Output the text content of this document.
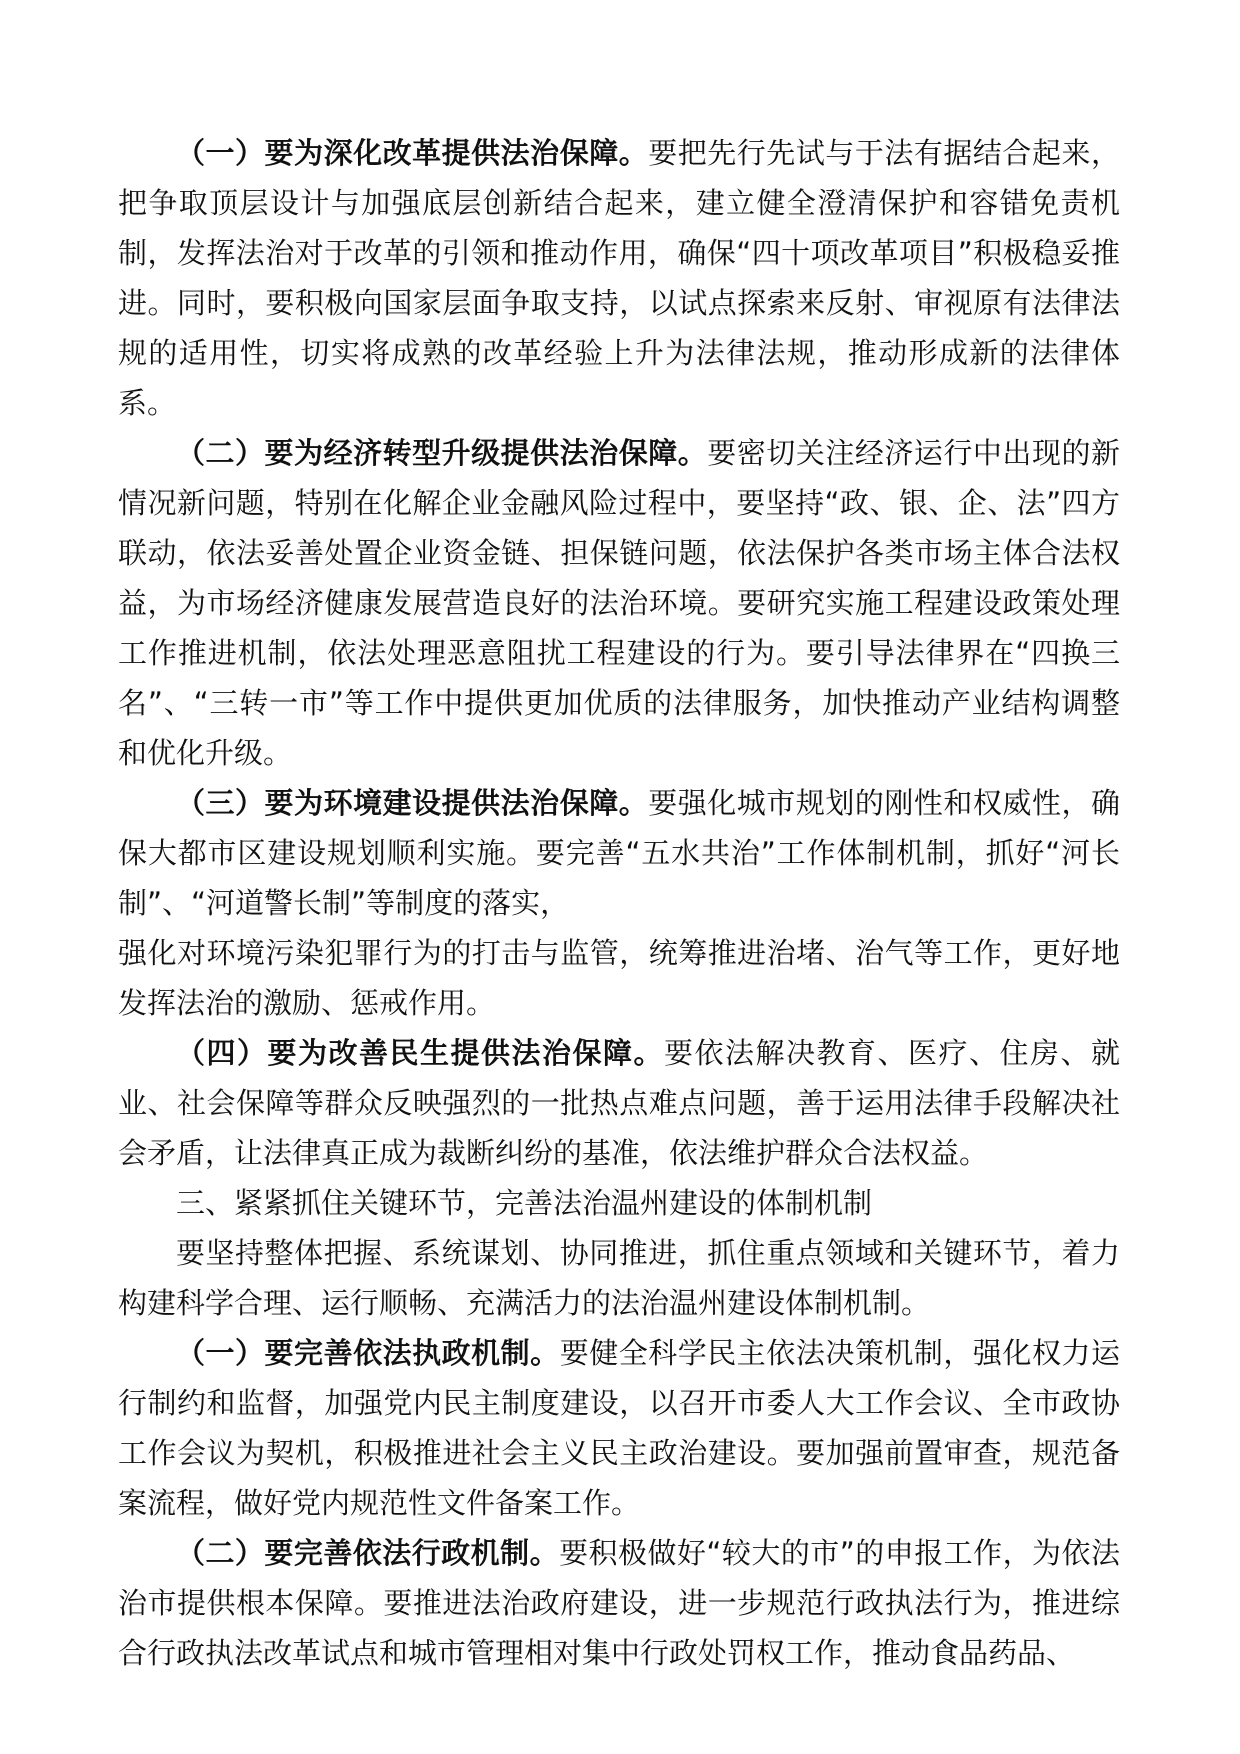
（一）要为深化改革提供法治保障。要把先行先试与于法有据结合起来，把争取顶层设计与加强底层创新结合起来，建立健全澄清保护和容错免责机制，发挥法治对于改革的引领和推动作用，确保“四十项改革项目”积极稳妥推进。同时，要积极向国家层面争取支持，以试点探索来反射、审视原有法律法规的适用性，切实将成熟的改革经验上升为法律法规，推动形成新的法律体系。

（二）要为经济转型升级提供法治保障。要密切关注经济运行中出现的新情况新问题，特别在化解企业金融风险过程中，要坚持“政、银、企、法”四方联动，依法妥善处置企业资金链、担保链问题，依法保护各类市场主体合法权益，为市场经济健康发展营造良好的法治环境。要研究实施工程建设政策处理工作推进机制，依法处理恶意阻扰工程建设的行为。要引导法律界在“四换三名”、“三转一市”等工作中提供更加优质的法律服务，加快推动产业结构调整和优化升级。

（三）要为环境建设提供法治保障。要强化城市规划的刚性和权威性，确保大都市区建设规划顺利实施。要完善“五水共治”工作体制机制，抓好“河长制”、“河道警长制”等制度的落实，

强化对环境污染犯罪行为的打击与监管，统筹推进治堵、治气等工作，更好地发挥法治的激励、惩戒作用。

（四）要为改善民生提供法治保障。要依法解决教育、医疗、住房、就业、社会保障等群众反映强烈的一批热点难点问题，善于运用法律手段解决社会矛盾，让法律真正成为裁断纠纷的基准，依法维护群众合法权益。

三、紧紧抓住关键环节，完善法治温州建设的体制机制

要坚持整体把握、系统谋划、协同推进，抓住重点领域和关键环节，着力构建科学合理、运行顺畅、充满活力的法治温州建设体制机制。

（一）要完善依法执政机制。要健全科学民主依法决策机制，强化权力运行制约和监督，加强党内民主制度建设，以召开市委人大工作会议、全市政协工作会议为契机，积极推进社会主义民主政治建设。要加强前置审查，规范备案流程，做好党内规范性文件备案工作。

（二）要完善依法行政机制。要积极做好“较大的市”的申报工作，为依法治市提供根本保障。要推进法治政府建设，进一步规范行政执法行为，推进综合行政执法改革试点和城市管理相对集中行政处罚权工作，推动食品药品、
